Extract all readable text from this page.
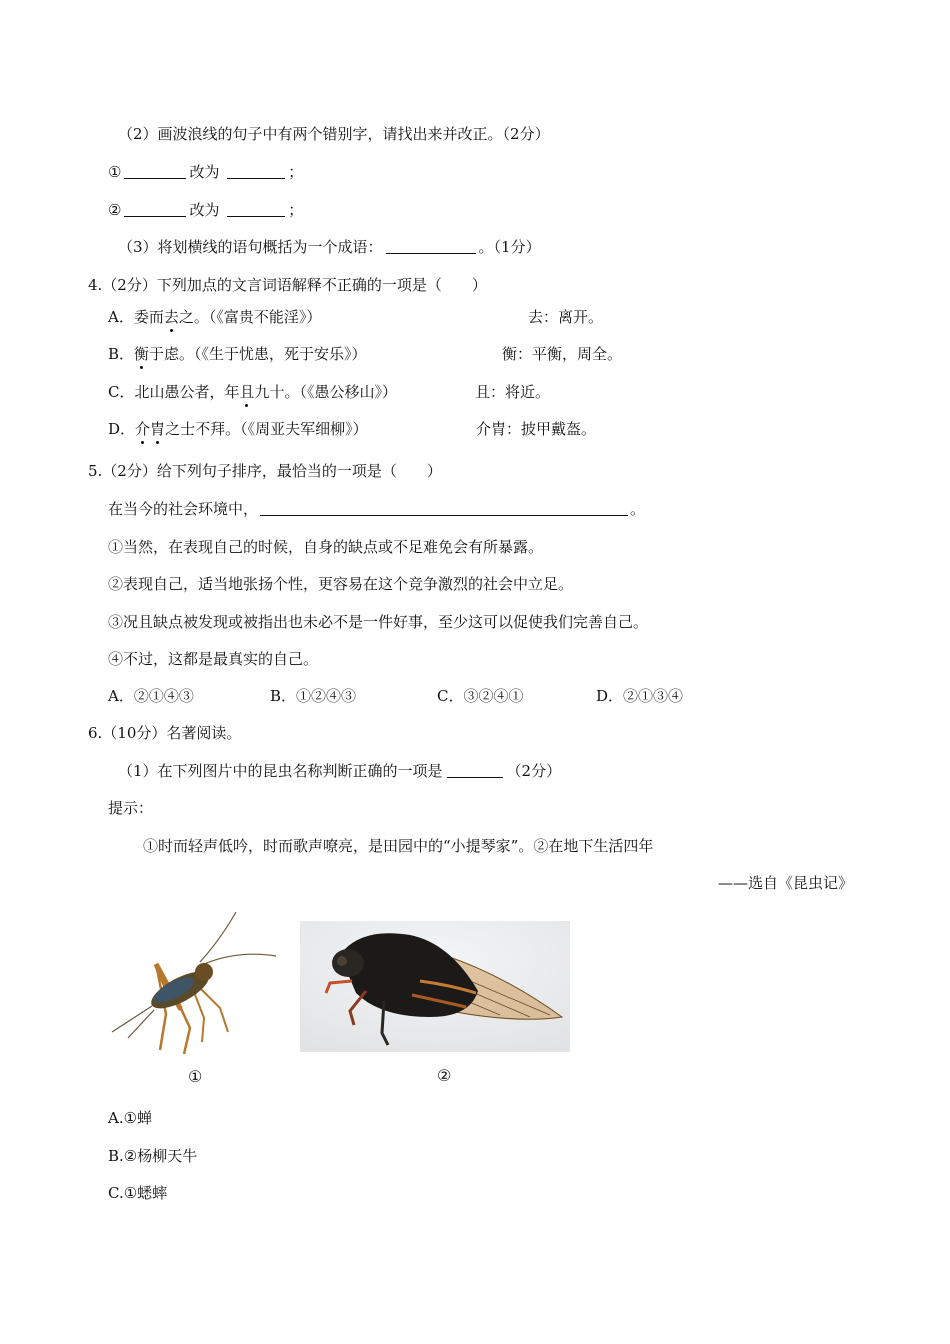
（2）画波浪线的句子中有两个错别字，请找出来并改正。（2分）
①	改为	；
②	改为	；
（3）将划横线的语句概括为一个成语：	。（1分）
4.（2分）下列加点的文言词语解释不正确的一项是（　　）
A．委而去之。（《富贵不能淫》）	去：离开。
B．衡于虑。（《生于忧患，死于安乐》）	衡：平衡，周全。
C．北山愚公者，年且九十。（《愚公移山》）	且：将近。
D．介胄之士不拜。（《周亚夫军细柳》）	介胄：披甲戴盔。
5.（2分）给下列句子排序，最恰当的一项是（　　）
在当今的社会环境中，	。
①当然，在表现自己的时候，自身的缺点或不足难免会有所暴露。
②表现自己，适当地张扬个性，更容易在这个竞争激烈的社会中立足。
③况且缺点被发现或被指出也未必不是一件好事，至少这可以促使我们完善自己。
④不过，这都是最真实的自己。
A．②①④③	B．①②④③	C．③②④①	D．②①③④
6.（10分）名著阅读。
（1）在下列图片中的昆虫名称判断正确的一项是	（2分）
提示：
①时而轻声低吟，时而歌声嘹亮，是田园中的“小提琴家”。②在地下生活四年
——选自《昆虫记》
①	②
A.①蝉
B.②杨柳天牛
C.①蟋蟀
